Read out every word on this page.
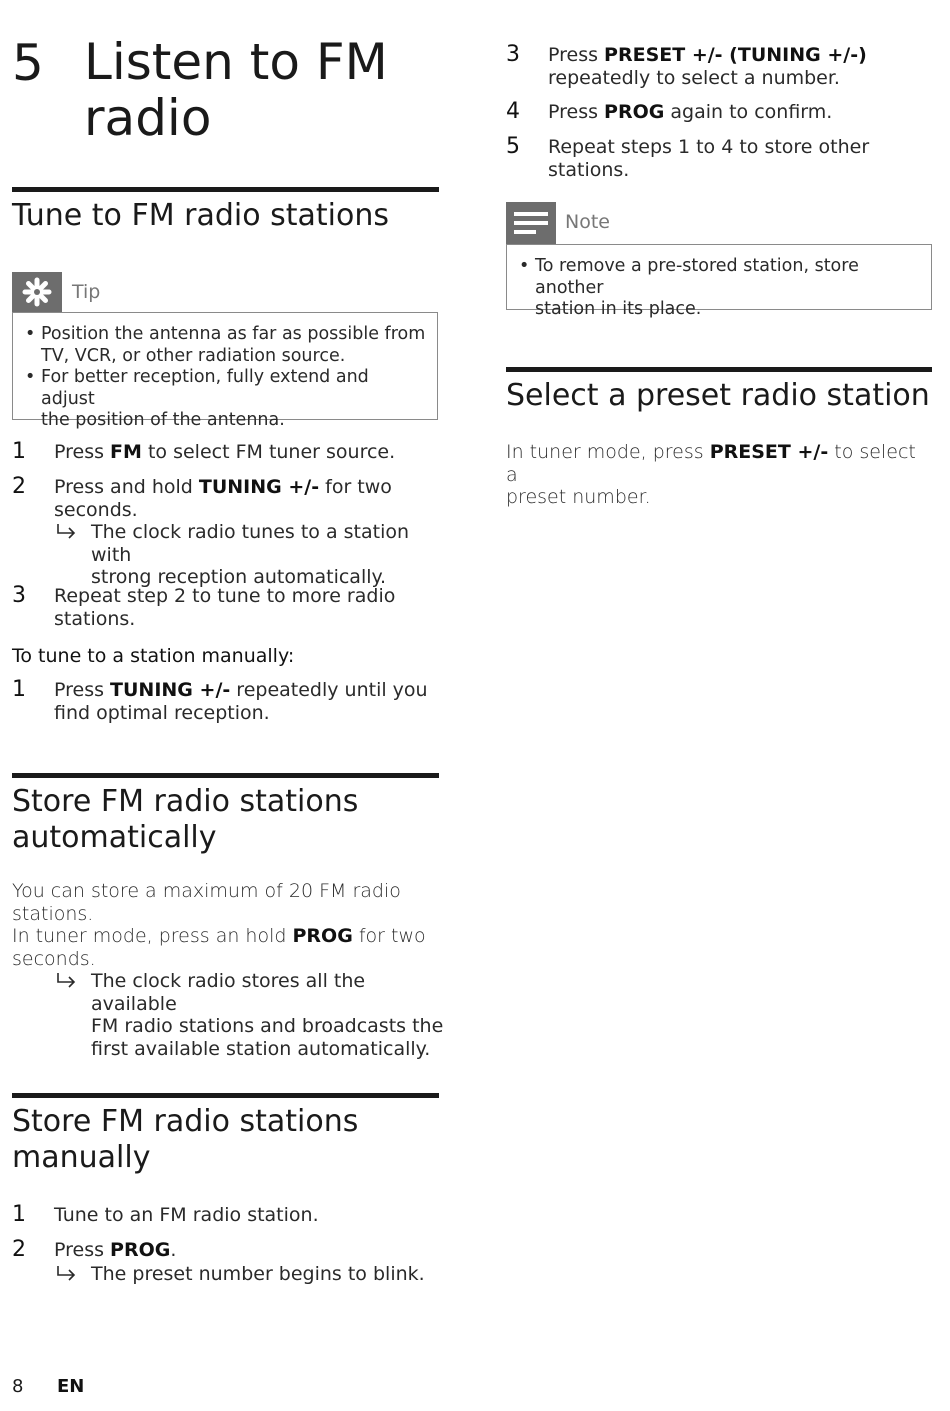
5 Listen to FM
radio
Tune to FM radio stations
Tip
• Position the antenna as far as possible from
TV, VCR, or other radiation source.
• For better reception, fully extend and adjust
the position of the antenna.
1 Press FM to select FM tuner source.
2 Press and hold TUNING +/- for two
seconds.
The clock radio tunes to a station with
strong reception automatically.
3 Repeat step 2 to tune to more radio
stations.
To tune to a station manually:
1 Press TUNING +/- repeatedly until you
find optimal reception.
Store FM radio stations
automatically
You can store a maximum of 20 FM radio
stations.
In tuner mode, press an hold PROG for two
seconds.
The clock radio stores all the available
FM radio stations and broadcasts the
first available station automatically.
Store FM radio stations
manually
1 Tune to an FM radio station.
2 Press PROG.
The preset number begins to blink.
3 Press PRESET +/- (TUNING +/-)
repeatedly to select a number.
4 Press PROG again to confirm.
5 Repeat steps 1 to 4 to store other
stations.
Note
• To remove a pre-stored station, store another
station in its place.
Select a preset radio station
In tuner mode, press PRESET +/- to select a
preset number.
8 EN
